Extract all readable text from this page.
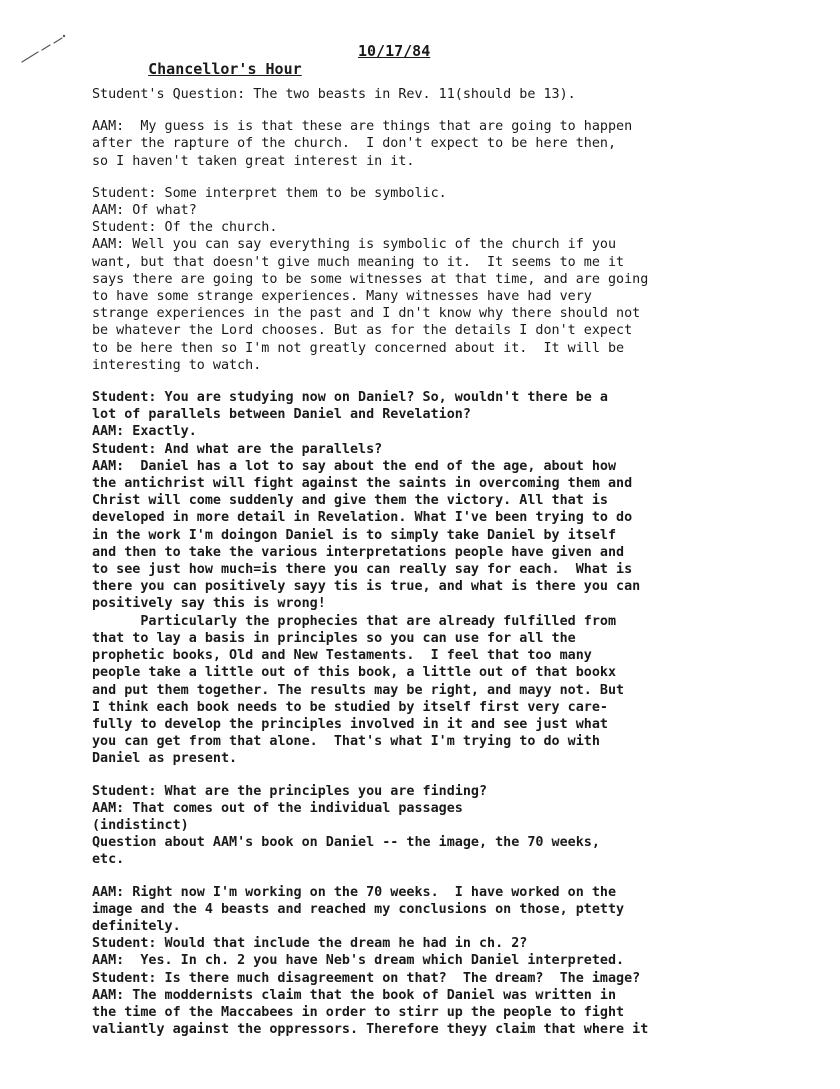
Chancellor's Hour

10/17/84

Student's Question: The two beasts in Rev. 11(should be 13).
AAM:  My guess is is that these are things that are going to happen
after the rapture of the church.  I don't expect to be here then,
so I haven't taken great interest in it.
Student: Some interpret them to be symbolic.
AAM: Of what?
Student: Of the church.
AAM: Well you can say everything is symbolic of the church if you
want, but that doesn't give much meaning to it.  It seems to me it
says there are going to be some witnesses at that time, and are going
to have some strange experiences. Many witnesses have had very
strange experiences in the past and I dn't know why there should not
be whatever the Lord chooses. But as for the details I don't expect
to be here then so I'm not greatly concerned about it.  It will be
interesting to watch.
Student: You are studying now on Daniel? So, wouldn't there be a
lot of parallels between Daniel and Revelation?
AAM: Exactly.
Student: And what are the parallels?
AAM:  Daniel has a lot to say about the end of the age, about how
the antichrist will fight against the saints in overcoming them and
Christ will come suddenly and give them the victory. All that is
developed in more detail in Revelation. What I've been trying to do
in the work I'm doingon Daniel is to simply take Daniel by itself
and then to take the various interpretations people have given and
to see just how much=is there you can really say for each.  What is
there you can positively sayy tis is true, and what is there you can
positively say this is wrong!
Particularly the prophecies that are already fulfilled from
that to lay a basis in principles so you can use for all the
prophetic books, Old and New Testaments.  I feel that too many
people take a little out of this book, a little out of that bookx
and put them together. The results may be right, and mayy not. But
I think each book needs to be studied by itself first very care-
fully to develop the principles involved in it and see just what
you can get from that alone.  That's what I'm trying to do with
Daniel as present.
Student: What are the principles you are finding?
AAM: That comes out of the individual passages
(indistinct)
Question about AAM's book on Daniel -- the image, the 70 weeks,
etc.
AAM: Right now I'm working on the 70 weeks.  I have worked on the
image and the 4 beasts and reached my conclusions on those, ptetty
definitely.
Student: Would that include the dream he had in ch. 2?
AAM:  Yes. In ch. 2 you have Neb's dream which Daniel interpreted.
Student: Is there much disagreement on that?  The dream?  The image?
AAM: The moddernists claim that the book of Daniel was written in
the time of the Maccabees in order to stirr up the people to fight
valiantly against the oppressors. Therefore theyy claim that where it
